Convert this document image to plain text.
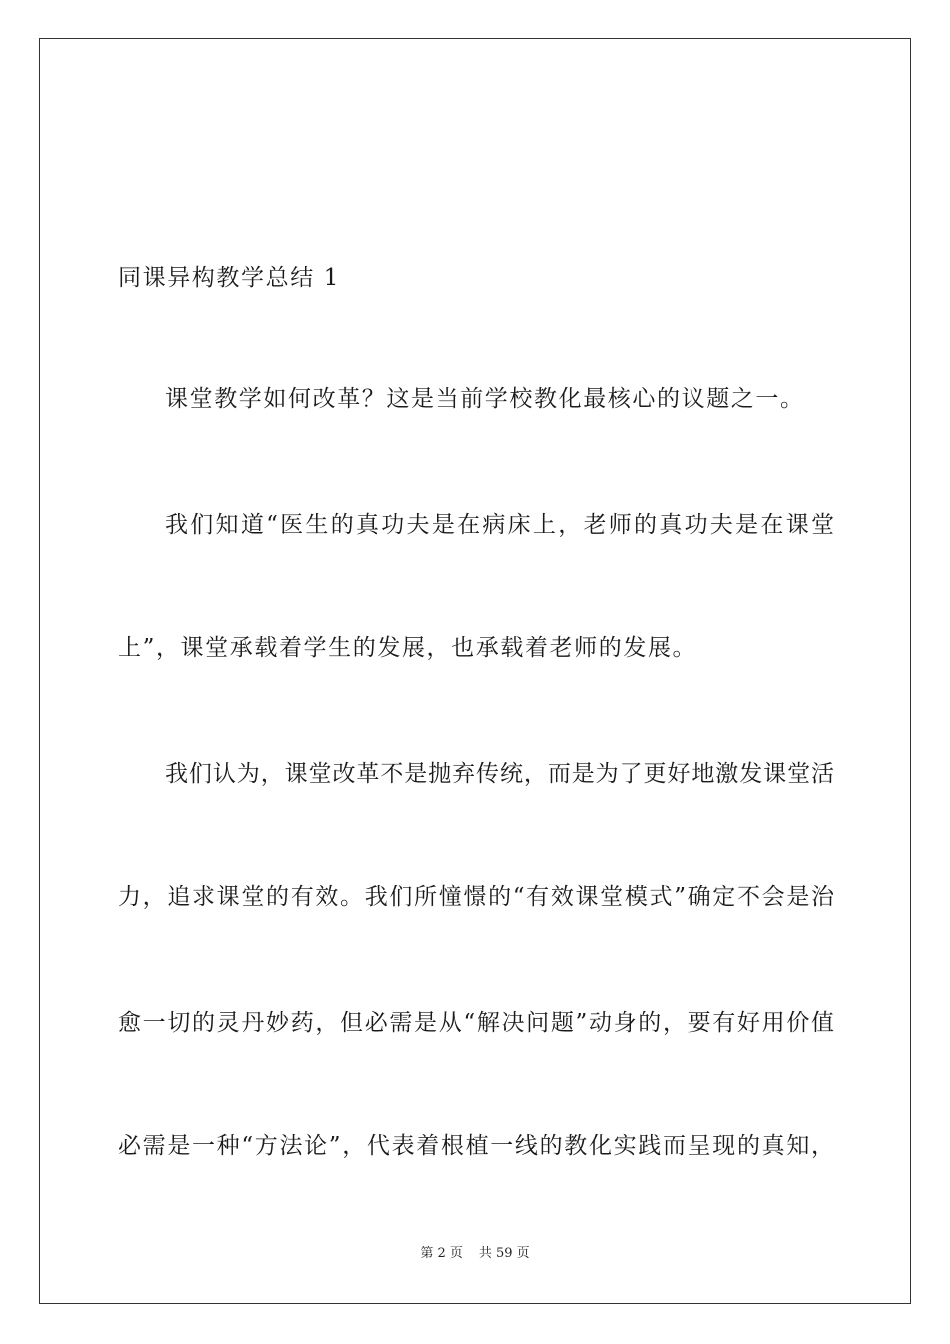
同课异构教学总结 1
课堂教学如何改革？这是当前学校教化最核心的议题之一。
我们知道“医生的真功夫是在病床上，老师的真功夫是在课堂
上”，课堂承载着学生的发展，也承载着老师的发展。
我们认为，课堂改革不是抛弃传统，而是为了更好地激发课堂活
力，追求课堂的有效。我们所憧憬的“有效课堂模式”确定不会是治
愈一切的灵丹妙药，但必需是从“解决问题”动身的，要有好用价值
必需是一种“方法论”，代表着根植一线的教化实践而呈现的真知，
第 2 页 共 59 页
